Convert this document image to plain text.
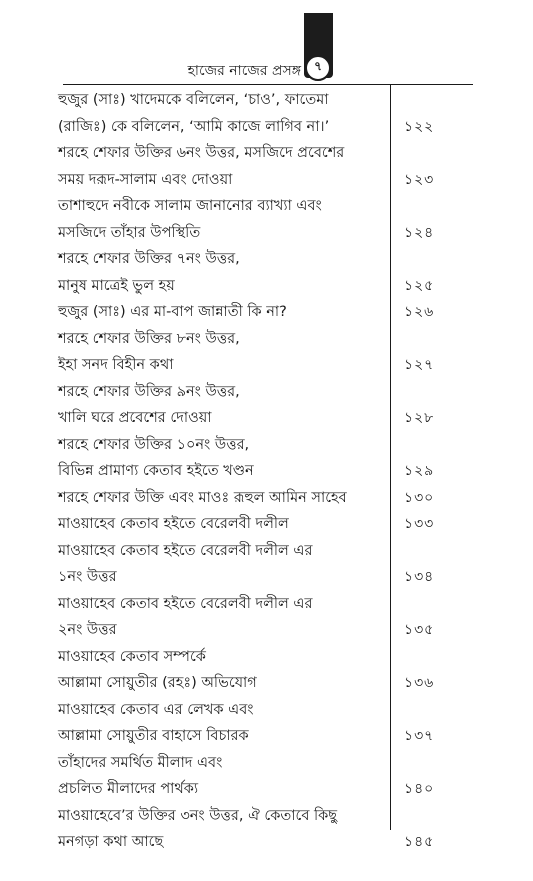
৭
হাজের নাজের প্রসঙ্গ
হুজুর (সাঃ) খাদেমকে বলিলেন, ‘চাও’, ফাতেমা
(রাজিঃ) কে বলিলেন, ‘আমি কাজে লাগিব না।’	১২২
শরহে শেফার উক্তির ৬নং উত্তর, মসজিদে প্রবেশের
সময় দরূদ-সালাম এবং দোওয়া	১২৩
তাশাহুদে নবীকে সালাম জানানোর ব্যাখ্যা এবং
মসজিদে তাঁহার উপস্থিতি	১২৪
শরহে শেফার উক্তির ৭নং উত্তর,
মানুষ মাত্রেই ভুল হয়	১২৫
হুজুর (সাঃ) এর মা-বাপ জান্নাতী কি না?	১২৬
শরহে শেফার উক্তির ৮নং উত্তর,
ইহা সনদ বিহীন কথা	১২৭
শরহে শেফার উক্তির ৯নং উত্তর,
খালি ঘরে প্রবেশের দোওয়া	১২৮
শরহে শেফার উক্তির ১০নং উত্তর,
বিভিন্ন প্রামাণ্য কেতাব হইতে খণ্ডন	১২৯
শরহে শেফার উক্তি এবং মাওঃ রূহুল আমিন সাহেব	১৩০
মাওয়াহেব কেতাব হইতে বেরেলবী দলীল	১৩৩
মাওয়াহেব কেতাব হইতে বেরেলবী দলীল এর
১নং উত্তর	১৩৪
মাওয়াহেব কেতাব হইতে বেরেলবী দলীল এর
২নং উত্তর	১৩৫
মাওয়াহেব কেতাব সম্পর্কে
আল্লামা সোয়ুতীর (রহঃ) অভিযোগ	১৩৬
মাওয়াহেব কেতাব এর লেখক এবং
আল্লামা সোয়ুতীর বাহাসে বিচারক	১৩৭
তাঁহাদের সমর্থিত মীলাদ এবং
প্রচলিত মীলাদের পার্থক্য	১৪০
মাওয়াহেবে’র উক্তির ৩নং উত্তর, ঐ কেতাবে কিছু
মনগড়া কথা আছে	১৪৫
